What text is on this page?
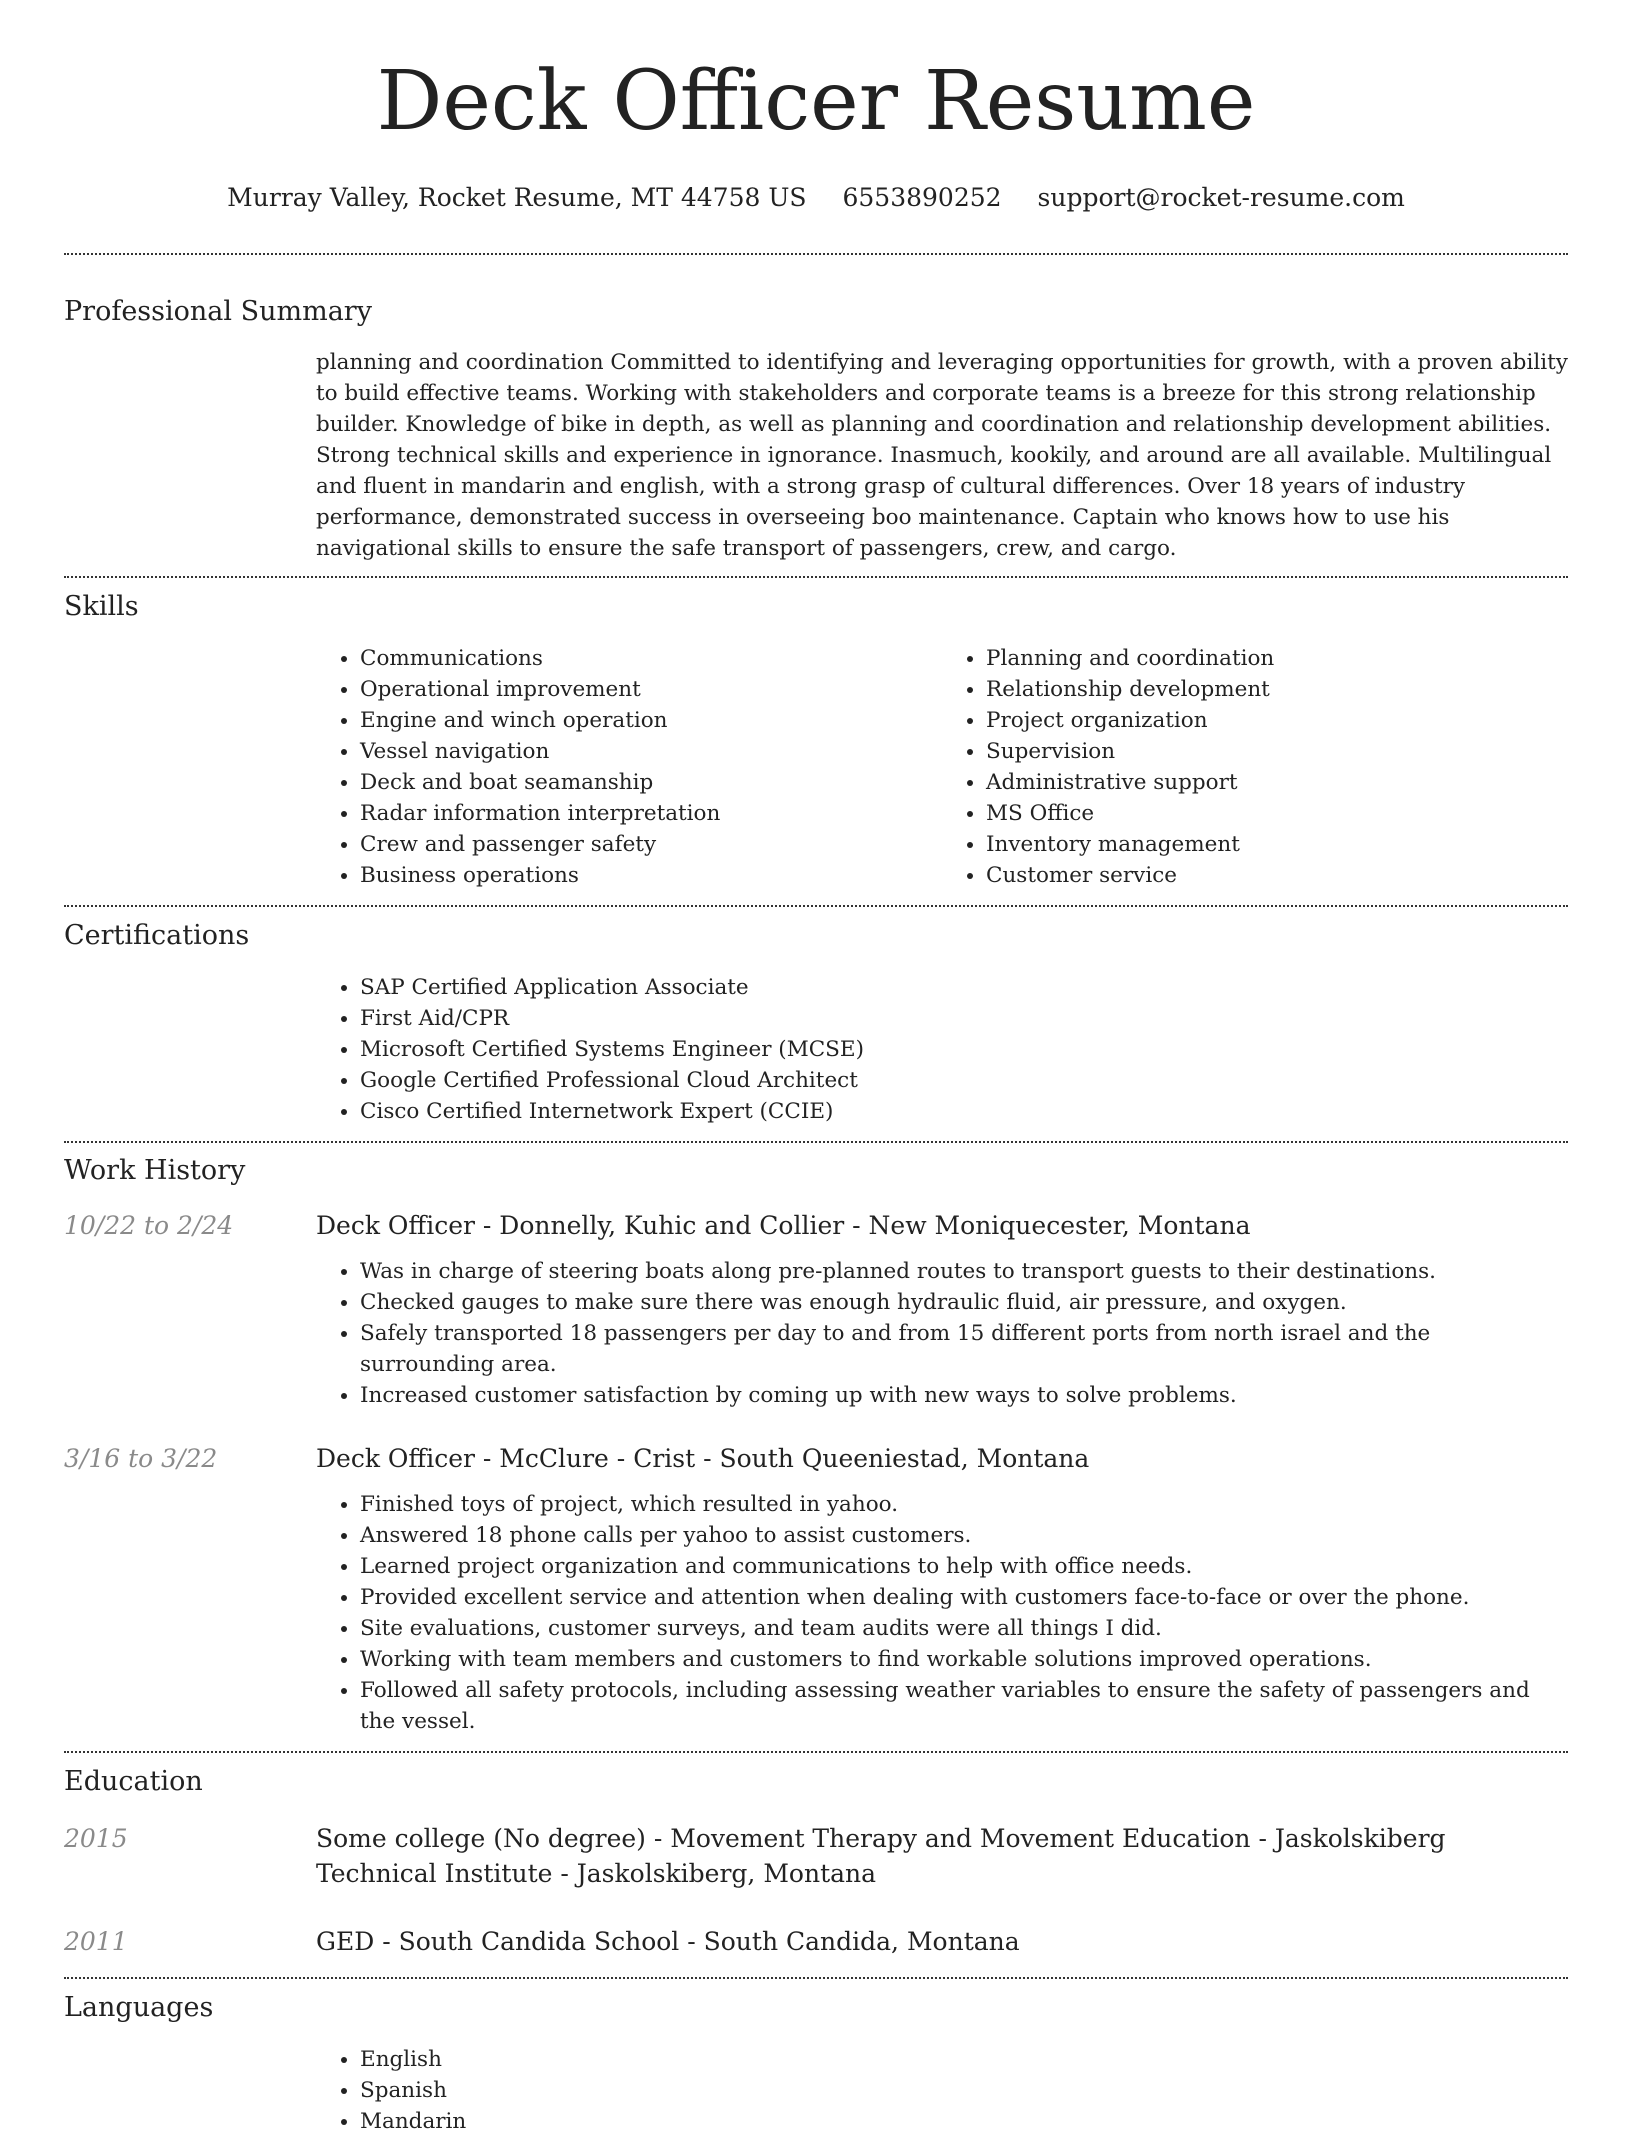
Deck Officer Resume
Murray Valley, Rocket Resume, MT 44758 US 6553890252 support@rocket-resume.com
Professional Summary

planning and coordination Committed to identifying and leveraging opportunities for growth, with a proven ability to build effective teams. Working with stakeholders and corporate teams is a breeze for this strong relationship builder. Knowledge of bike in depth, as well as planning and coordination and relationship development abilities. Strong technical skills and experience in ignorance. Inasmuch, kookily, and around are all available. Multilingual and fluent in mandarin and english, with a strong grasp of cultural differences. Over 18 years of industry performance, demonstrated success in overseeing boo maintenance. Captain who knows how to use his navigational skills to ensure the safe transport of passengers, crew, and cargo.

Skills
• Communications
• Operational improvement
• Engine and winch operation
• Vessel navigation
• Deck and boat seamanship
• Radar information interpretation
• Crew and passenger safety
• Business operations
• Planning and coordination
• Relationship development
• Project organization
• Supervision
• Administrative support
• MS Office
• Inventory management
• Customer service
Certifications
• SAP Certified Application Associate
• First Aid/CPR
• Microsoft Certified Systems Engineer (MCSE)
• Google Certified Professional Cloud Architect
• Cisco Certified Internetwork Expert (CCIE)
Work History
10/22 to 2/24	Deck Officer - Donnelly, Kuhic and Collier - New Moniquecester, Montana
• Was in charge of steering boats along pre-planned routes to transport guests to their destinations.
• Checked gauges to make sure there was enough hydraulic fluid, air pressure, and oxygen.
• Safely transported 18 passengers per day to and from 15 different ports from north israel and the surrounding area.
• Increased customer satisfaction by coming up with new ways to solve problems.
3/16 to 3/22	Deck Officer - McClure - Crist - South Queeniestad, Montana
• Finished toys of project, which resulted in yahoo.
• Answered 18 phone calls per yahoo to assist customers.
• Learned project organization and communications to help with office needs.
• Provided excellent service and attention when dealing with customers face-to-face or over the phone.
• Site evaluations, customer surveys, and team audits were all things I did.
• Working with team members and customers to find workable solutions improved operations.
• Followed all safety protocols, including assessing weather variables to ensure the safety of passengers and the vessel.
Education
2015	Some college (No degree) - Movement Therapy and Movement Education - Jaskolskiberg Technical Institute - Jaskolskiberg, Montana
2011	GED - South Candida School - South Candida, Montana
Languages
• English
• Spanish
• Mandarin
